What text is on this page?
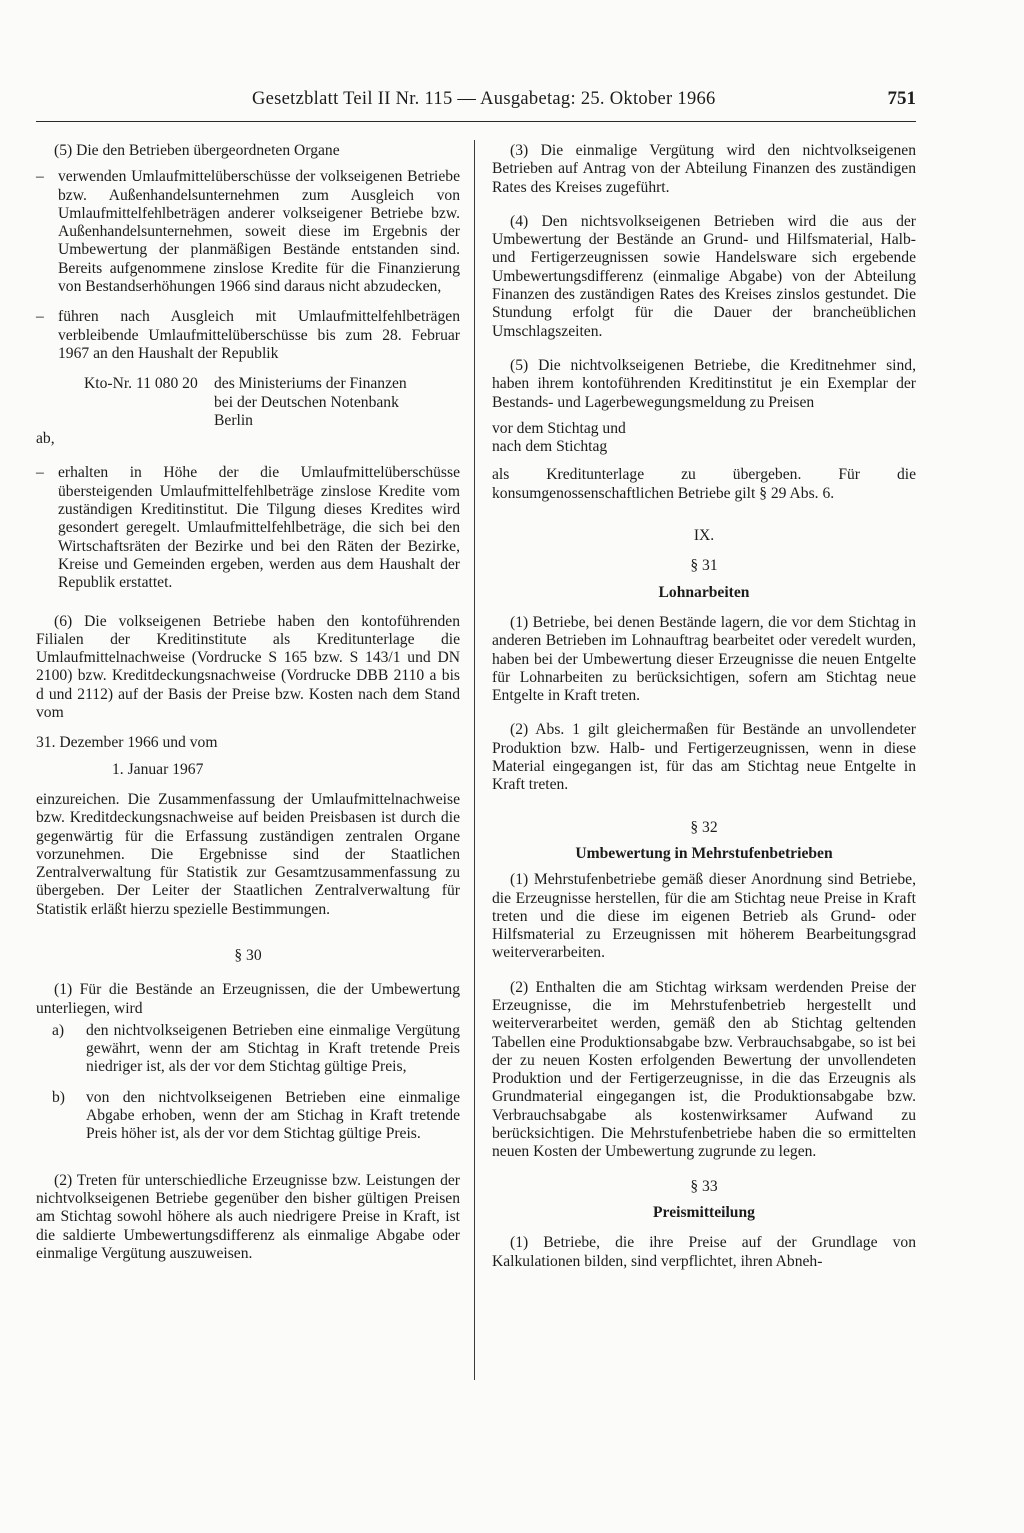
Gesetzblatt Teil II Nr. 115 — Ausgabetag: 25. Oktober 1966	751

(5) Die den Betrieben übergeordneten Organe

– verwenden Umlaufmittelüberschüsse der volkseigenen Betriebe bzw. Außenhandelsunternehmen zum Ausgleich von Umlaufmittelfehlbeträgen anderer volkseigener Betriebe bzw. Außenhandelsunternehmen, soweit diese im Ergebnis der Umbewertung der planmäßigen Bestände entstanden sind. Bereits aufgenommene zinslose Kredite für die Finanzierung von Bestandserhöhungen 1966 sind daraus nicht abzudecken,

– führen nach Ausgleich mit Umlaufmittelfehlbeträgen verbleibende Umlaufmittelüberschüsse bis zum 28. Februar 1967 an den Haushalt der Republik

Kto-Nr. 11 080 20	des Ministeriums der Finanzen
bei der Deutschen Notenbank
Berlin

ab,

– erhalten in Höhe der die Umlaufmittelüberschüsse übersteigenden Umlaufmittelfehlbeträge zinslose Kredite vom zuständigen Kreditinstitut. Die Tilgung dieses Kredites wird gesondert geregelt. Umlaufmittelfehlbeträge, die sich bei den Wirtschaftsräten der Bezirke und bei den Räten der Bezirke, Kreise und Gemeinden ergeben, werden aus dem Haushalt der Republik erstattet.

(6) Die volkseigenen Betriebe haben den kontoführenden Filialen der Kreditinstitute als Kreditunterlage die Umlaufmittelnachweise (Vordrucke S 165 bzw. S 143/1 und DN 2100) bzw. Kreditdeckungsnachweise (Vordrucke DBB 2110 a bis d und 2112) auf der Basis der Preise bzw. Kosten nach dem Stand vom

31. Dezember 1966 und vom

1. Januar 1967

einzureichen. Die Zusammenfassung der Umlaufmittelnachweise bzw. Kreditdeckungsnachweise auf beiden Preisbasen ist durch die gegenwärtig für die Erfassung zuständigen zentralen Organe vorzunehmen. Die Ergebnisse sind der Staatlichen Zentralverwaltung für Statistik zur Gesamtzusammenfassung zu übergeben. Der Leiter der Staatlichen Zentralverwaltung für Statistik erläßt hierzu spezielle Bestimmungen.

§ 30

(1) Für die Bestände an Erzeugnissen, die der Umbewertung unterliegen, wird

a) den nichtvolkseigenen Betrieben eine einmalige Vergütung gewährt, wenn der am Stichtag in Kraft tretende Preis niedriger ist, als der vor dem Stichtag gültige Preis,

b) von den nichtvolkseigenen Betrieben eine einmalige Abgabe erhoben, wenn der am Stichag in Kraft tretende Preis höher ist, als der vor dem Stichtag gültige Preis.

(2) Treten für unterschiedliche Erzeugnisse bzw. Leistungen der nichtvolkseigenen Betriebe gegenüber den bisher gültigen Preisen am Stichtag sowohl höhere als auch niedrigere Preise in Kraft, ist die saldierte Umbewertungsdifferenz als einmalige Abgabe oder einmalige Vergütung auszuweisen.

(3) Die einmalige Vergütung wird den nichtvolkseigenen Betrieben auf Antrag von der Abteilung Finanzen des zuständigen Rates des Kreises zugeführt.

(4) Den nichtsvolkseigenen Betrieben wird die aus der Umbewertung der Bestände an Grund- und Hilfsmaterial, Halb- und Fertigerzeugnissen sowie Handelsware sich ergebende Umbewertungsdifferenz (einmalige Abgabe) von der Abteilung Finanzen des zuständigen Rates des Kreises zinslos gestundet. Die Stundung erfolgt für die Dauer der branchеüblichen Umschlagszeiten.

(5) Die nichtvolkseigenen Betriebe, die Kreditnehmer sind, haben ihrem kontoführenden Kreditinstitut je ein Exemplar der Bestands- und Lagerbewegungsmeldung zu Preisen

vor dem Stichtag und

nach dem Stichtag

als Kreditunterlage zu übergeben. Für die konsumgenossenschaftlichen Betriebe gilt § 29 Abs. 6.

IX.

§ 31

Lohnarbeiten

(1) Betriebe, bei denen Bestände lagern, die vor dem Stichtag in anderen Betrieben im Lohnauftrag bearbeitet oder veredelt wurden, haben bei der Umbewertung dieser Erzeugnisse die neuen Entgelte für Lohnarbeiten zu berücksichtigen, sofern am Stichtag neue Entgelte in Kraft treten.

(2) Abs. 1 gilt gleichermaßen für Bestände an unvollendeter Produktion bzw. Halb- und Fertigerzeugnissen, wenn in diese Material eingegangen ist, für das am Stichtag neue Entgelte in Kraft treten.

§ 32

Umbewertung in Mehrstufenbetrieben

(1) Mehrstufenbetriebe gemäß dieser Anordnung sind Betriebe, die Erzeugnisse herstellen, für die am Stichtag neue Preise in Kraft treten und die diese im eigenen Betrieb als Grund- oder Hilfsmaterial zu Erzeugnissen mit höherem Bearbeitungsgrad weiterverarbeiten.

(2) Enthalten die am Stichtag wirksam werdenden Preise der Erzeugnisse, die im Mehrstufenbetrieb hergestellt und weiterverarbeitet werden, gemäß den ab Stichtag geltenden Tabellen eine Produktionsabgabe bzw. Verbrauchsabgabe, so ist bei der zu neuen Kosten erfolgenden Bewertung der unvollendeten Produktion und der Fertigerzeugnisse, in die das Erzeugnis als Grundmaterial eingegangen ist, die Produktionsabgabe bzw. Verbrauchsabgabe als kostenwirksamer Aufwand zu berücksichtigen. Die Mehrstufenbetriebe haben die so ermittelten neuen Kosten der Umbewertung zugrunde zu legen.

§ 33

Preismitteilung

(1) Betriebe, die ihre Preise auf der Grundlage von Kalkulationen bilden, sind verpflichtet, ihren Abneh-
